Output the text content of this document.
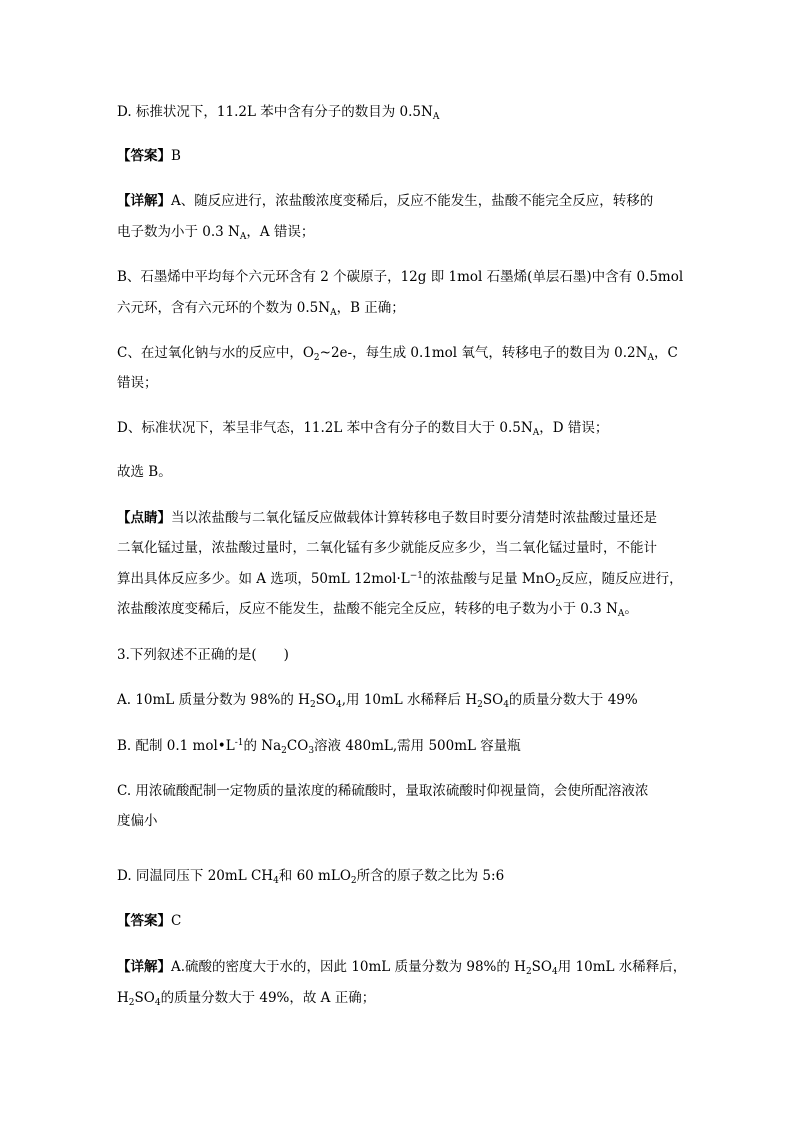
D. 标推状况下，11.2L 苯中含有分子的数目为 $0.5N_A$
【答案】B
【详解】A、随反应进行，浓盐酸浓度变稀后，反应不能发生，盐酸不能完全反应，转移的
电子数为小于 0.3 $N_A$，A 错误；
B、石墨烯中平均每个六元环含有 2 个碳原子，12g 即 1mol 石墨烯(单层石墨)中含有 0.5mol
六元环，含有六元环的个数为 $0.5N_A$，B 正确；
C、在过氧化钠与水的反应中，$O_2\sim 2e-$，每生成 0.1mol 氧气，转移电子的数目为 $0.2N_A$，C
错误；
D、标准状况下，苯呈非气态，11.2L 苯中含有分子的数目大于 $0.5N_A$，D 错误；
故选 B。
【点睛】当以浓盐酸与二氧化锰反应做载体计算转移电子数目时要分清楚时浓盐酸过量还是
二氧化锰过量，浓盐酸过量时，二氧化锰有多少就能反应多少，当二氧化锰过量时，不能计
算出具体反应多少。如 A 选项，50mL $12mol\cdot L^{-1}$的浓盐酸与足量 MnO$_2$反应，随反应进行，
浓盐酸浓度变稀后，反应不能发生，盐酸不能完全反应，转移的电子数为小于 0.3 $N_A$。
3.下列叙述不正确的是(　　)
A. 10mL 质量分数为 98%的 $H_2SO_4$,用 10mL 水稀释后 $H_2SO_4$的质量分数大于 49%
B. 配制 0.1 $mol•L^{-1}$的 $Na_2CO_3$溶液 480mL,需用 500mL 容量瓶
C. 用浓硫酸配制一定物质的量浓度的稀硫酸时，量取浓硫酸时仰视量筒，会使所配溶液浓
度偏小
D. 同温同压下 20mL $CH_4$和 60 mLO$_2$所含的原子数之比为 5:6
【答案】C
【详解】A.硫酸的密度大于水的，因此 10mL 质量分数为 98%的 $H_2SO_4$用 10mL 水稀释后，
$H_2SO_4$的质量分数大于 49%，故 A 正确；
